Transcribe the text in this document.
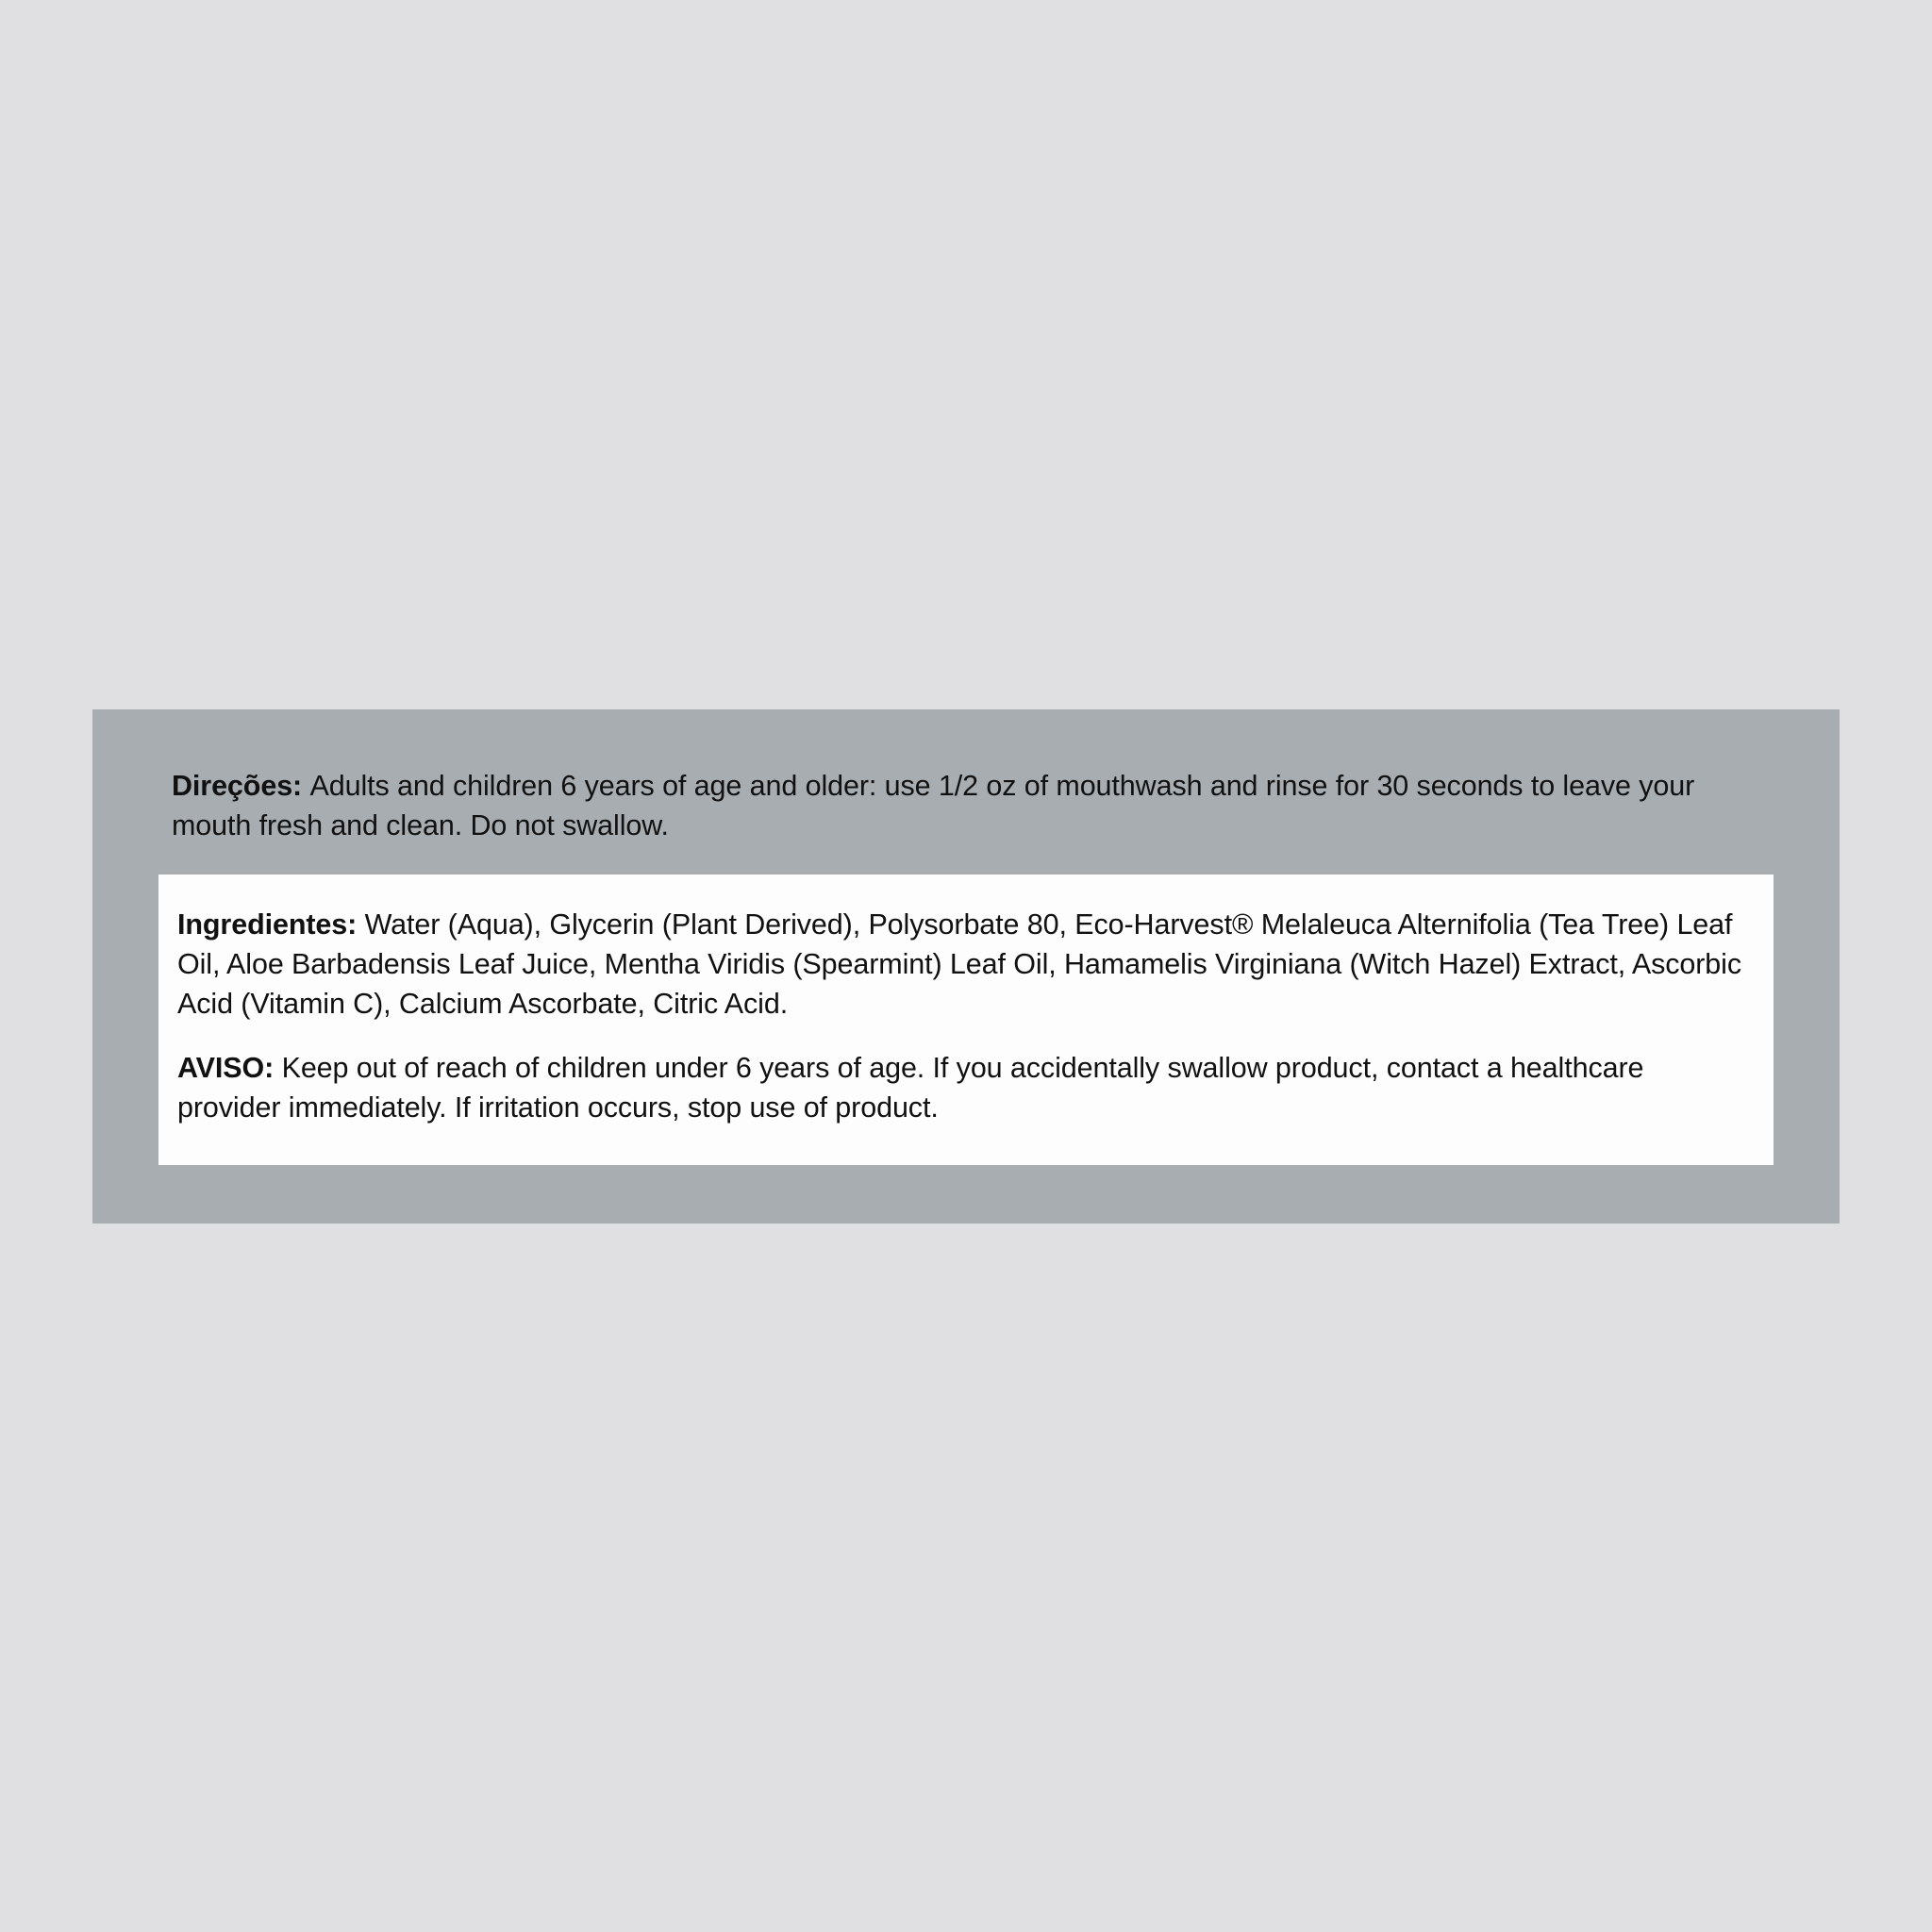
Direções: Adults and children 6 years of age and older: use 1/2 oz of mouthwash and rinse for 30 seconds to leave your mouth fresh and clean. Do not swallow.

Ingredientes: Water (Aqua), Glycerin (Plant Derived), Polysorbate 80, Eco-Harvest® Melaleuca Alternifolia (Tea Tree) Leaf Oil, Aloe Barbadensis Leaf Juice, Mentha Viridis (Spearmint) Leaf Oil, Hamamelis Virginiana (Witch Hazel) Extract, Ascorbic Acid (Vitamin C), Calcium Ascorbate, Citric Acid.

AVISO: Keep out of reach of children under 6 years of age. If you accidentally swallow product, contact a healthcare provider immediately. If irritation occurs, stop use of product.
